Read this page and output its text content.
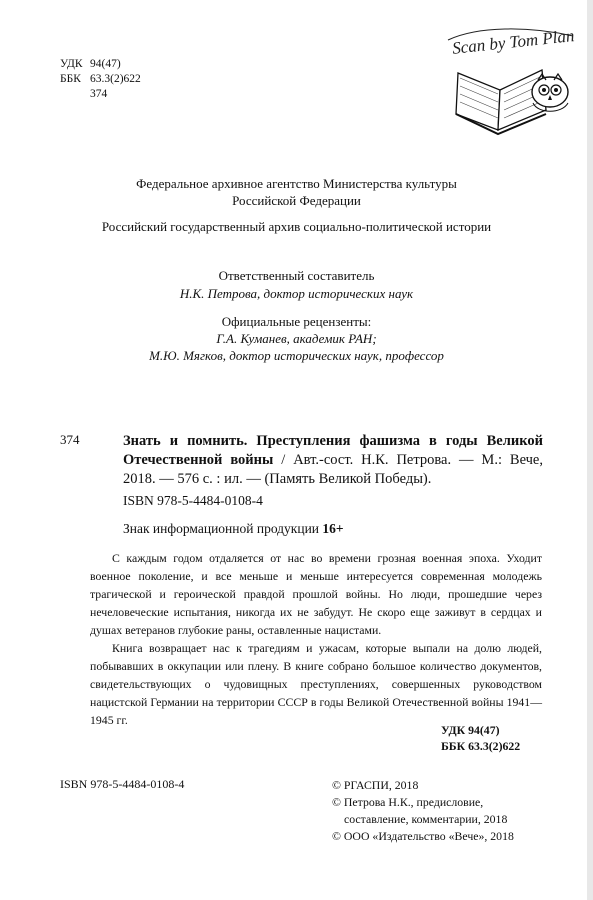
УДК 94(47)
ББК 63.3(2)622
374
Scan by Tom Plan
Федеральное архивное агентство Министерства культуры
Российской Федерации
Российский государственный архив социально-политической истории
Ответственный составитель
Н.К. Петрова, доктор исторических наук
Официальные рецензенты:
Г.А. Куманев, академик РАН;
М.Ю. Мягков, доктор исторических наук, профессор
374	Знать и помнить. Преступления фашизма в годы Великой Отечественной войны / Авт.-сост. Н.К. Петрова. — М.: Вече, 2018. — 576 с. : ил. — (Память Великой Победы).
ISBN 978-5-4484-0108-4
Знак информационной продукции 16+

С каждым годом отдаляется от нас во времени грозная военная эпоха. Уходит военное поколение, и все меньше и меньше интересуется современная молодежь трагической и героической правдой прошлой войны. Но люди, прошедшие через нечеловеческие испытания, никогда их не забудут. Не скоро еще заживут в сердцах и душах ветеранов глубокие раны, оставленные нацистами.

Книга возвращает нас к трагедиям и ужасам, которые выпали на долю людей, побывавших в оккупации или плену. В книге собрано большое количество документов, свидетельствующих о чудовищных преступлениях, совершенных руководством нацистской Германии на территории СССР в годы Великой Отечественной войны 1941—1945 гг.

УДК 94(47)
ББК 63.3(2)622
ISBN 978-5-4484-0108-4	© РГАСПИ, 2018
© Петрова Н.К., предисловие,
составление, комментарии, 2018
© ООО «Издательство «Вече», 2018
